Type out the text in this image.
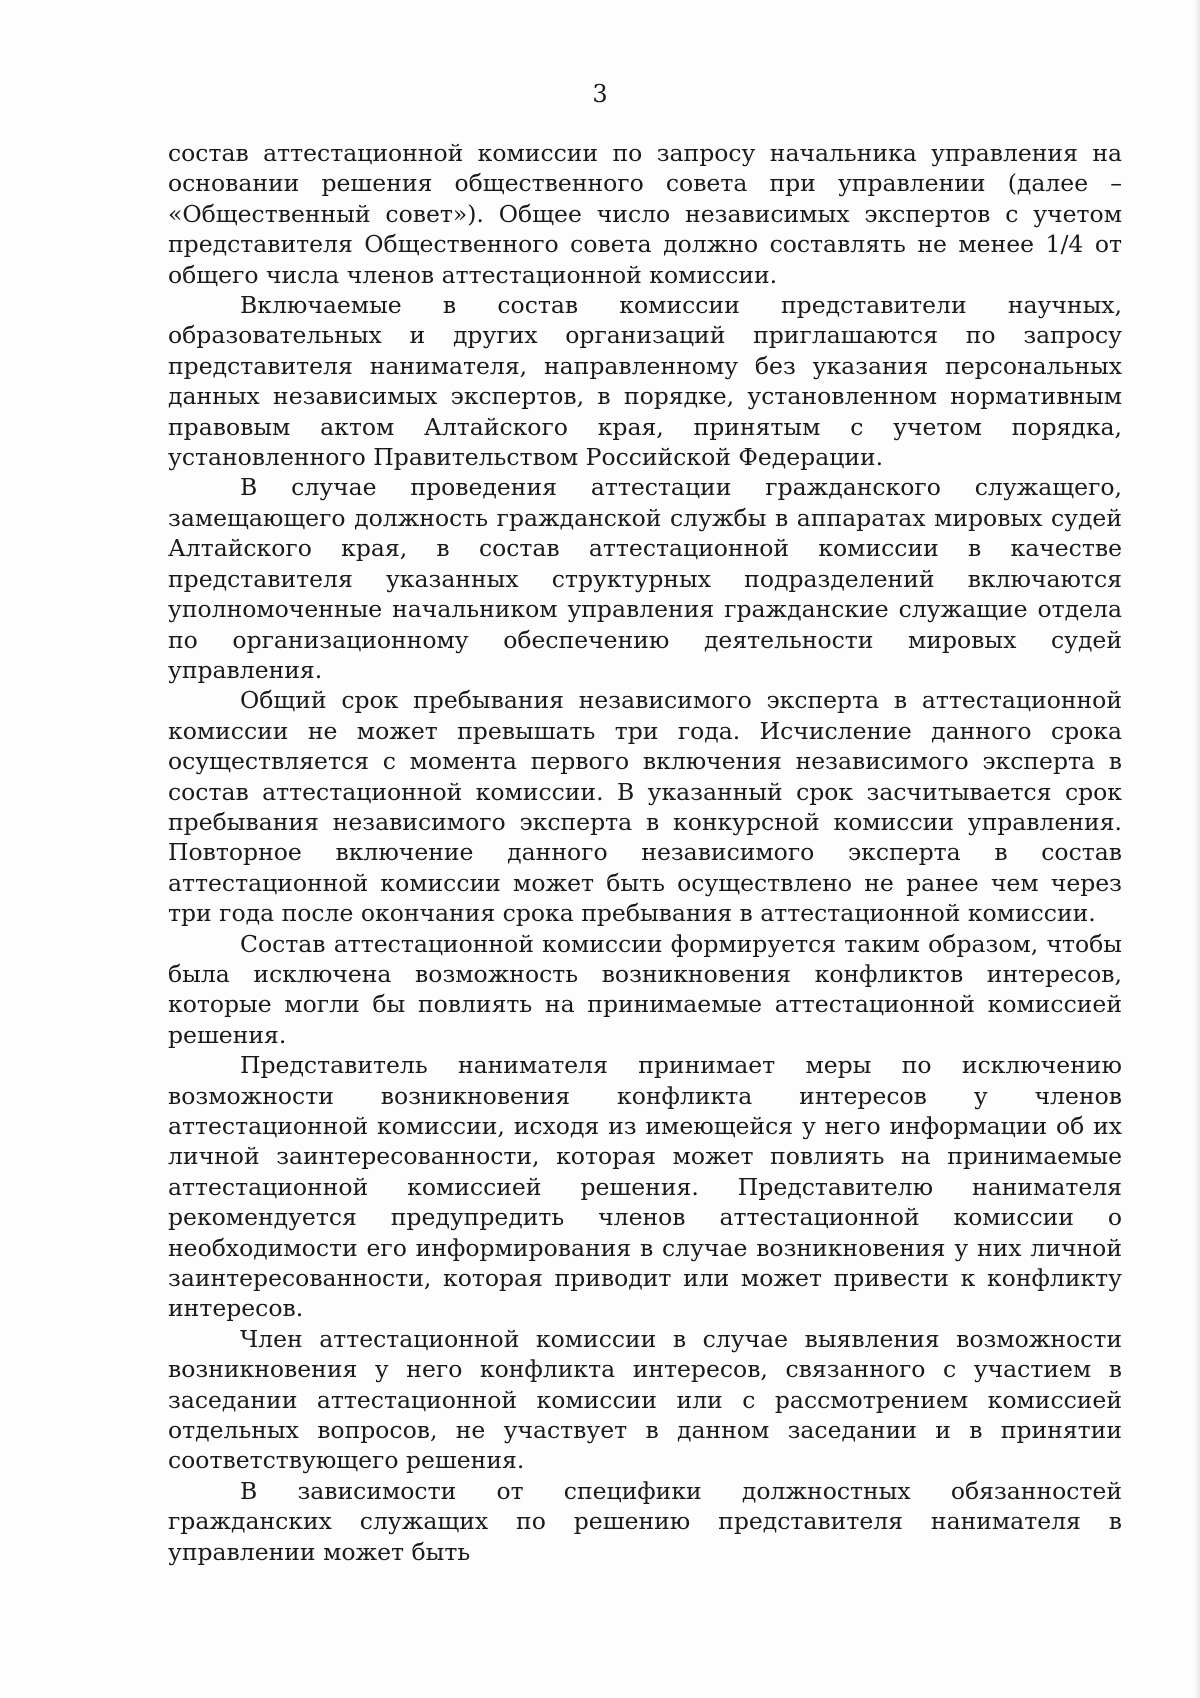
3

состав аттестационной комиссии по запросу начальника управления на основании решения общественного совета при управлении (далее – «Общественный совет»). Общее число независимых экспертов с учетом представителя Общественного совета должно составлять не менее 1/4 от общего числа членов аттестационной комиссии.

Включаемые в состав комиссии представители научных, образовательных и других организаций приглашаются по запросу представителя нанимателя, направленному без указания персональных данных независимых экспертов, в порядке, установленном нормативным правовым актом Алтайского края, принятым с учетом порядка, установленного Правительством Российской Федерации.

В случае проведения аттестации гражданского служащего, замещающего должность гражданской службы в аппаратах мировых судей Алтайского края, в состав аттестационной комиссии в качестве представителя указанных структурных подразделений включаются уполномоченные начальником управления гражданские служащие отдела по организационному обеспечению деятельности мировых судей управления.

Общий срок пребывания независимого эксперта в аттестационной комиссии не может превышать три года. Исчисление данного срока осуществляется с момента первого включения независимого эксперта в состав аттестационной комиссии. В указанный срок засчитывается срок пребывания независимого эксперта в конкурсной комиссии управления. Повторное включение данного независимого эксперта в состав аттестационной комиссии может быть осуществлено не ранее чем через три года после окончания срока пребывания в аттестационной комиссии.

Состав аттестационной комиссии формируется таким образом, чтобы была исключена возможность возникновения конфликтов интересов, которые могли бы повлиять на принимаемые аттестационной комиссией решения.

Представитель нанимателя принимает меры по исключению возможности возникновения конфликта интересов у членов аттестационной комиссии, исходя из имеющейся у него информации об их личной заинтересованности, которая может повлиять на принимаемые аттестационной комиссией решения. Представителю нанимателя рекомендуется предупредить членов аттестационной комиссии о необходимости его информирования в случае возникновения у них личной заинтересованности, которая приводит или может привести к конфликту интересов.

Член аттестационной комиссии в случае выявления возможности возникновения у него конфликта интересов, связанного с участием в заседании аттестационной комиссии или с рассмотрением комиссией отдельных вопросов, не участвует в данном заседании и в принятии соответствующего решения.

В зависимости от специфики должностных обязанностей гражданских служащих по решению представителя нанимателя в управлении может быть
